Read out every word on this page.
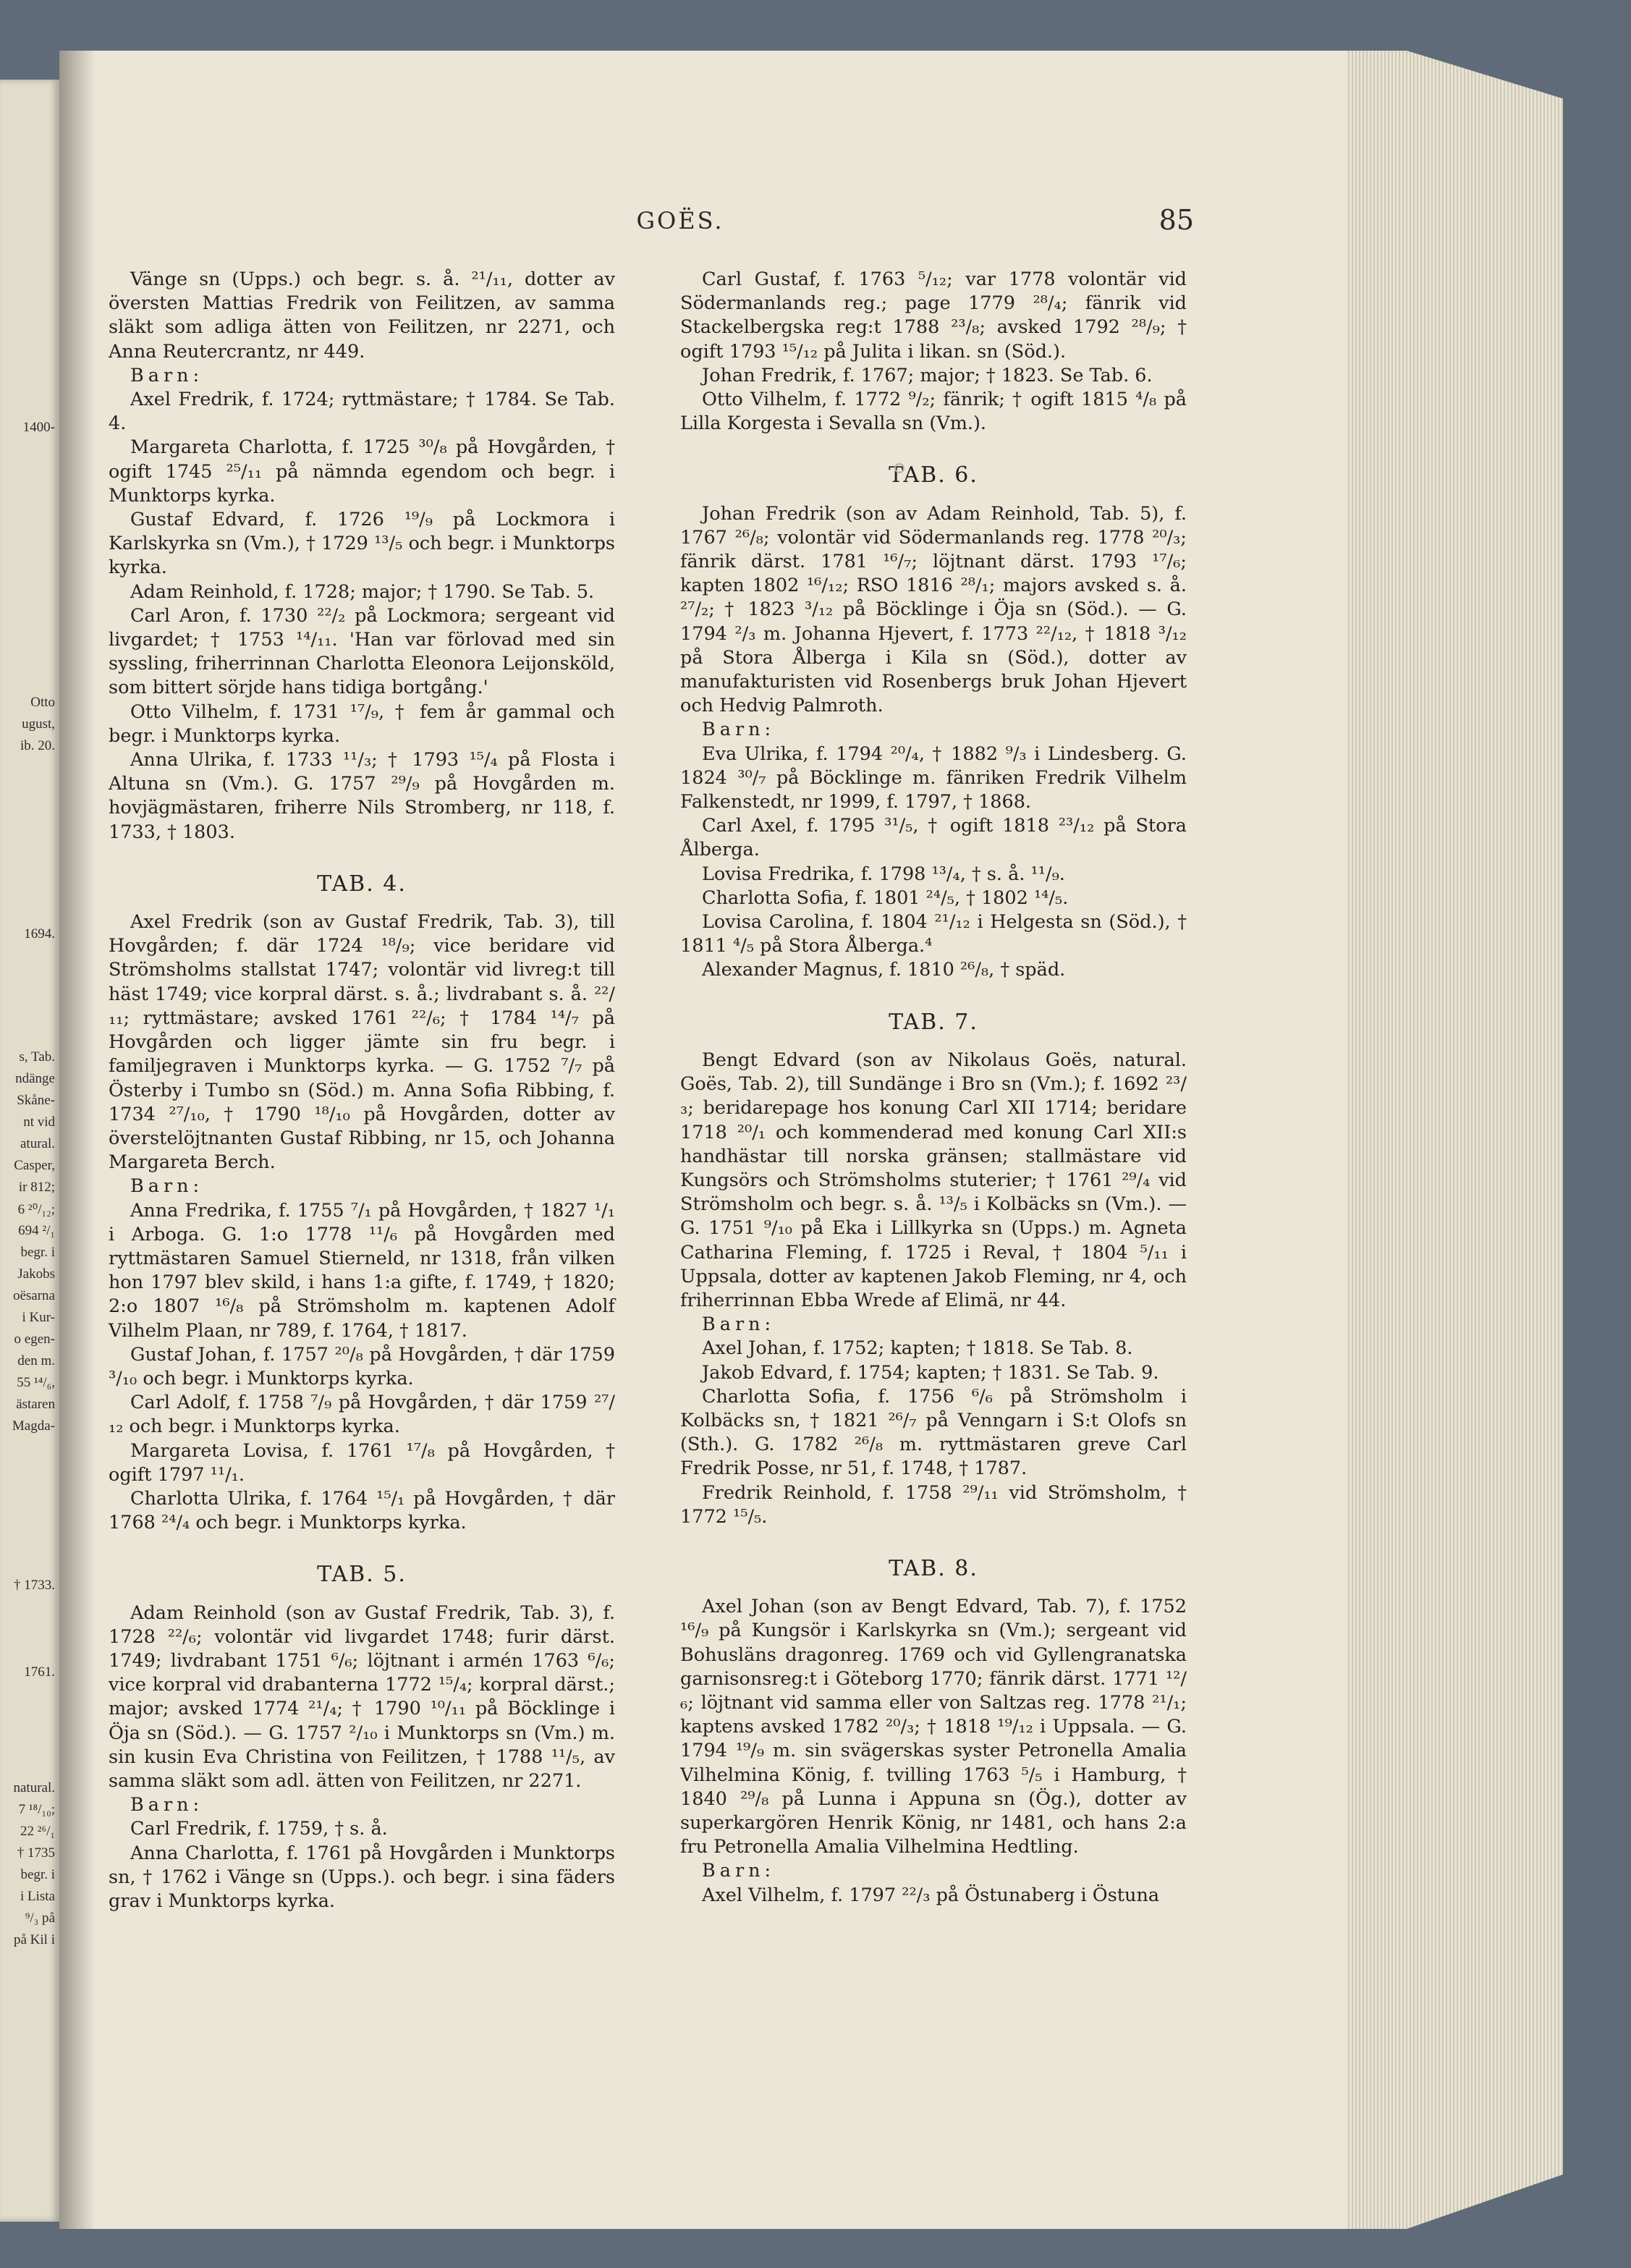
1400-
Otto
ugust,
ib. 20.
1694.
s, Tab.
ndänge
Skåne-
nt vid
atural.
Casper,
ir 812;
6 ²⁰/₁₂;
694 ²/₁
begr. i
Jakobs
oësarna
i Kur-
o egen-
den m.
55 ¹⁴/₆,
ästaren
Magda-
† 1733.
1761.
natural.
7 ¹⁸/₁₀;
22 ²⁶/₁
† 1735
begr. i
i Lista
⁹/₃ på
på Kil i
GOËS.	85

Vänge sn (Upps.) och begr. s. å. ²¹/₁₁, dotter av översten Mattias Fredrik von Feilitzen, av samma släkt som adliga ätten von Feilitzen, nr 2271, och Anna Reutercrantz, nr 449.

Barn:

Axel Fredrik, f. 1724; ryttmästare; † 1784. Se Tab. 4.

Margareta Charlotta, f. 1725 ³⁰/₈ på Hovgården, † ogift 1745 ²⁵/₁₁ på nämnda egendom och begr. i Munktorps kyrka.

Gustaf Edvard, f. 1726 ¹⁹/₉ på Lockmora i Karlskyrka sn (Vm.), † 1729 ¹³/₅ och begr. i Munktorps kyrka.

Adam Reinhold, f. 1728; major; † 1790. Se Tab. 5.

Carl Aron, f. 1730 ²²/₂ på Lockmora; sergeant vid livgardet; † 1753 ¹⁴/₁₁. 'Han var förlovad med sin syssling, friherrinnan Charlotta Eleonora Leijonsköld, som bittert sörjde hans tidiga bortgång.'

Otto Vilhelm, f. 1731 ¹⁷/₉, † fem år gammal och begr. i Munktorps kyrka.

Anna Ulrika, f. 1733 ¹¹/₃; † 1793 ¹⁵/₄ på Flosta i Altuna sn (Vm.). G. 1757 ²⁹/₉ på Hovgården m. hovjägmästaren, friherre Nils Stromberg, nr 118, f. 1733, † 1803.

TAB. 4.

Axel Fredrik (son av Gustaf Fredrik, Tab. 3), till Hovgården; f. där 1724 ¹⁸/₉; vice beridare vid Strömsholms stallstat 1747; volontär vid livreg:t till häst 1749; vice korpral därst. s. å.; livdrabant s. å. ²²/₁₁; ryttmästare; avsked 1761 ²²/₆; † 1784 ¹⁴/₇ på Hovgården och ligger jämte sin fru begr. i familjegraven i Munktorps kyrka. — G. 1752 ⁷/₇ på Österby i Tumbo sn (Söd.) m. Anna Sofia Ribbing, f. 1734 ²⁷/₁₀, † 1790 ¹⁸/₁₀ på Hovgården, dotter av överstelöjtnanten Gustaf Ribbing, nr 15, och Johanna Margareta Berch.

Barn:

Anna Fredrika, f. 1755 ⁷/₁ på Hovgården, † 1827 ¹/₁ i Arboga. G. 1:o 1778 ¹¹/₆ på Hovgården med ryttmästaren Samuel Stierneld, nr 1318, från vilken hon 1797 blev skild, i hans 1:a gifte, f. 1749, † 1820; 2:o 1807 ¹⁶/₈ på Strömsholm m. kaptenen Adolf Vilhelm Plaan, nr 789, f. 1764, † 1817.

Gustaf Johan, f. 1757 ²⁰/₈ på Hovgården, † där 1759 ³/₁₀ och begr. i Munktorps kyrka.

Carl Adolf, f. 1758 ⁷/₉ på Hovgården, † där 1759 ²⁷/₁₂ och begr. i Munktorps kyrka.

Margareta Lovisa, f. 1761 ¹⁷/₈ på Hovgården, † ogift 1797 ¹¹/₁.

Charlotta Ulrika, f. 1764 ¹⁵/₁ på Hovgården, † där 1768 ²⁴/₄ och begr. i Munktorps kyrka.

TAB. 5.

Adam Reinhold (son av Gustaf Fredrik, Tab. 3), f. 1728 ²²/₆; volontär vid livgardet 1748; furir därst. 1749; livdrabant 1751 ⁶/₆; löjtnant i armén 1763 ⁶/₆; vice korpral vid drabanterna 1772 ¹⁵/₄; korpral därst.; major; avsked 1774 ²¹/₄; † 1790 ¹⁰/₁₁ på Böcklinge i Öja sn (Söd.). — G. 1757 ²/₁₀ i Munktorps sn (Vm.) m. sin kusin Eva Christina von Feilitzen, † 1788 ¹¹/₅, av samma släkt som adl. ätten von Feilitzen, nr 2271.

Barn:

Carl Fredrik, f. 1759, † s. å.

Anna Charlotta, f. 1761 på Hovgården i Munktorps sn, † 1762 i Vänge sn (Upps.). och begr. i sina fäders grav i Munktorps kyrka.

Carl Gustaf, f. 1763 ⁵/₁₂; var 1778 volontär vid Södermanlands reg.; page 1779 ²⁸/₄; fänrik vid Stackelbergska reg:t 1788 ²³/₈; avsked 1792 ²⁸/₉; † ogift 1793 ¹⁵/₁₂ på Julita i likan. sn (Söd.).

Johan Fredrik, f. 1767; major; † 1823. Se Tab. 6.

Otto Vilhelm, f. 1772 ⁹/₂; fänrik; † ogift 1815 ⁴/₈ på Lilla Korgesta i Sevalla sn (Vm.).

TAB. 6.

Johan Fredrik (son av Adam Reinhold, Tab. 5), f. 1767 ²⁶/₈; volontär vid Södermanlands reg. 1778 ²⁰/₃; fänrik därst. 1781 ¹⁶/₇; löjtnant därst. 1793 ¹⁷/₆; kapten 1802 ¹⁶/₁₂; RSO 1816 ²⁸/₁; majors avsked s. å. ²⁷/₂; † 1823 ³/₁₂ på Böcklinge i Öja sn (Söd.). — G. 1794 ²/₃ m. Johanna Hjevert, f. 1773 ²²/₁₂, † 1818 ³/₁₂ på Stora Ålberga i Kila sn (Söd.), dotter av manufakturisten vid Rosenbergs bruk Johan Hjevert och Hedvig Palmroth.

Barn:

Eva Ulrika, f. 1794 ²⁰/₄, † 1882 ⁹/₃ i Lindesberg. G. 1824 ³⁰/₇ på Böcklinge m. fänriken Fredrik Vilhelm Falkenstedt, nr 1999, f. 1797, † 1868.

Carl Axel, f. 1795 ³¹/₅, † ogift 1818 ²³/₁₂ på Stora Ålberga.

Lovisa Fredrika, f. 1798 ¹³/₄, † s. å. ¹¹/₉.

Charlotta Sofia, f. 1801 ²⁴/₅, † 1802 ¹⁴/₅.

Lovisa Carolina, f. 1804 ²¹/₁₂ i Helgesta sn (Söd.), † 1811 ⁴/₅ på Stora Ålberga.⁴

Alexander Magnus, f. 1810 ²⁶/₈, † späd.

TAB. 7.

Bengt Edvard (son av Nikolaus Goës, natural. Goës, Tab. 2), till Sundänge i Bro sn (Vm.); f. 1692 ²³/₃; beridarepage hos konung Carl XII 1714; beridare 1718 ²⁰/₁ och kommenderad med konung Carl XII:s handhästar till norska gränsen; stallmästare vid Kungsörs och Strömsholms stuterier; † 1761 ²⁹/₄ vid Strömsholm och begr. s. å. ¹³/₅ i Kolbäcks sn (Vm.). — G. 1751 ⁹/₁₀ på Eka i Lillkyrka sn (Upps.) m. Agneta Catharina Fleming, f. 1725 i Reval, † 1804 ⁵/₁₁ i Uppsala, dotter av kaptenen Jakob Fleming, nr 4, och friherrinnan Ebba Wrede af Elimä, nr 44.

Barn:

Axel Johan, f. 1752; kapten; † 1818. Se Tab. 8.

Jakob Edvard, f. 1754; kapten; † 1831. Se Tab. 9.

Charlotta Sofia, f. 1756 ⁶/₆ på Strömsholm i Kolbäcks sn, † 1821 ²⁶/₇ på Venngarn i S:t Olofs sn (Sth.). G. 1782 ²⁶/₈ m. ryttmästaren greve Carl Fredrik Posse, nr 51, f. 1748, † 1787.

Fredrik Reinhold, f. 1758 ²⁹/₁₁ vid Strömsholm, † 1772 ¹⁵/₅.

TAB. 8.

Axel Johan (son av Bengt Edvard, Tab. 7), f. 1752 ¹⁶/₉ på Kungsör i Karlskyrka sn (Vm.); sergeant vid Bohusläns dragonreg. 1769 och vid Gyllengranatska garnisonsreg:t i Göteborg 1770; fänrik därst. 1771 ¹²/₆; löjtnant vid samma eller von Saltzas reg. 1778 ²¹/₁; kaptens avsked 1782 ²⁰/₃; † 1818 ¹⁹/₁₂ i Uppsala. — G. 1794 ¹⁹/₉ m. sin svägerskas syster Petronella Amalia Vilhelmina König, f. tvilling 1763 ⁵/₅ i Hamburg, † 1840 ²⁹/₈ på Lunna i Appuna sn (Ög.), dotter av superkargören Henrik König, nr 1481, och hans 2:a fru Petronella Amalia Vilhelmina Hedtling.

Barn:

Axel Vilhelm, f. 1797 ²²/₃ på Östunaberg i Östuna
